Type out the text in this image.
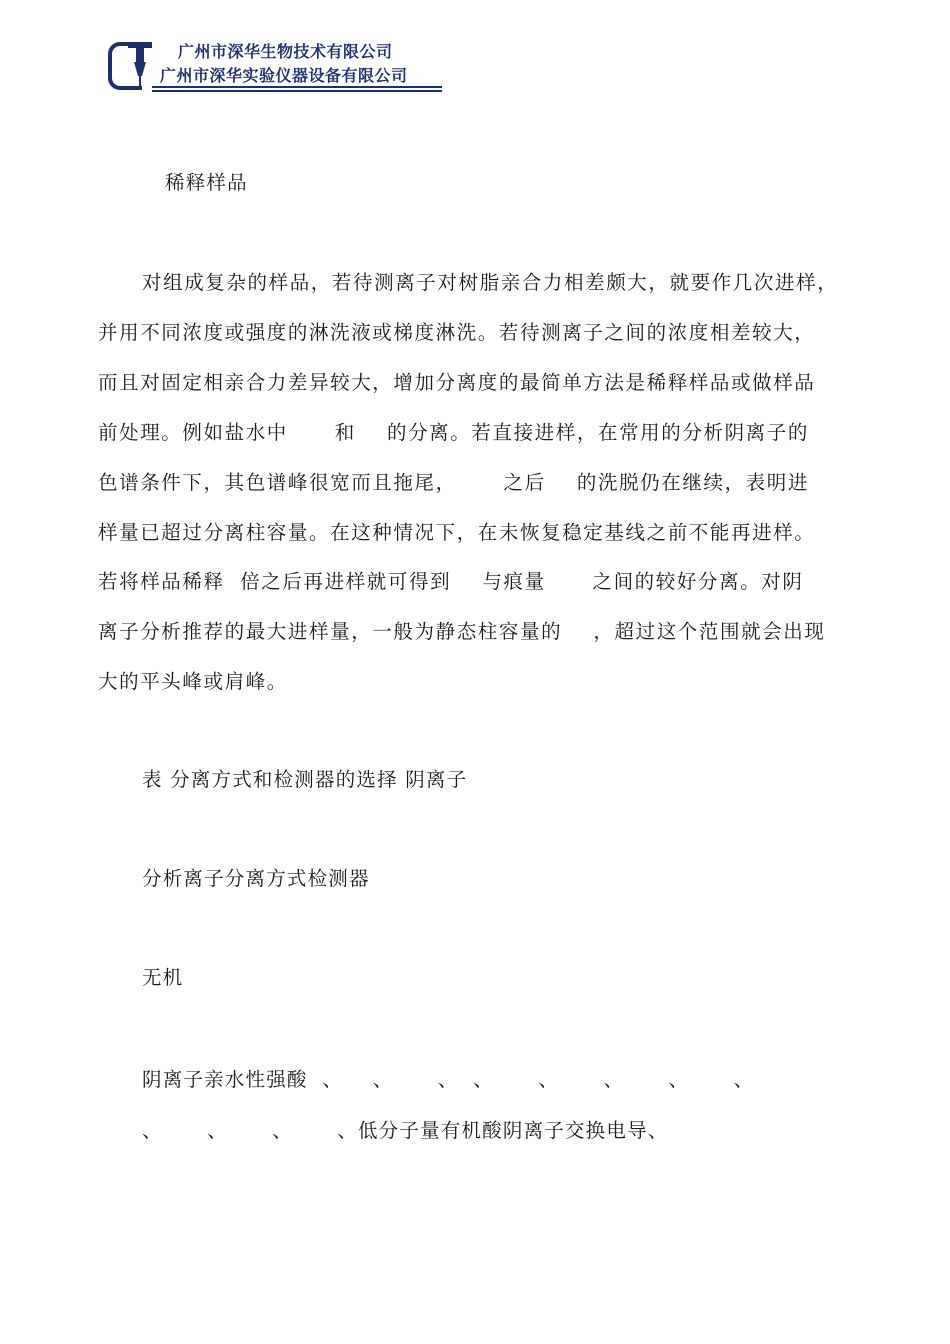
广州市深华生物技术有限公司
广州市深华实验仪器设备有限公司
稀释样品
对组成复杂的样品，若待测离子对树脂亲合力相差颇大，就要作几次进样，
并用不同浓度或强度的淋洗液或梯度淋洗。若待测离子之间的浓度相差较大，
而且对固定相亲合力差异较大，增加分离度的最简单方法是稀释样品或做样品
前处理。例如盐水中      和    的分离。若直接进样，在常用的分析阴离子的
色谱条件下，其色谱峰很宽而且拖尾，      之后    的洗脱仍在继续，表明进
样量已超过分离柱容量。在这种情况下，在未恢复稳定基线之前不能再进样。
若将样品稀释  倍之后再进样就可得到    与痕量      之间的较好分离。对阴
离子分析推荐的最大进样量，一般为静态柱容量的    ，超过这个范围就会出现
大的平头峰或肩峰。
表 分离方式和检测器的选择 阴离子
分析离子分离方式检测器
无机
阴离子亲水性强酸  、    、      、  、      、      、      、      、
、      、      、      、低分子量有机酸阴离子交换电导、
